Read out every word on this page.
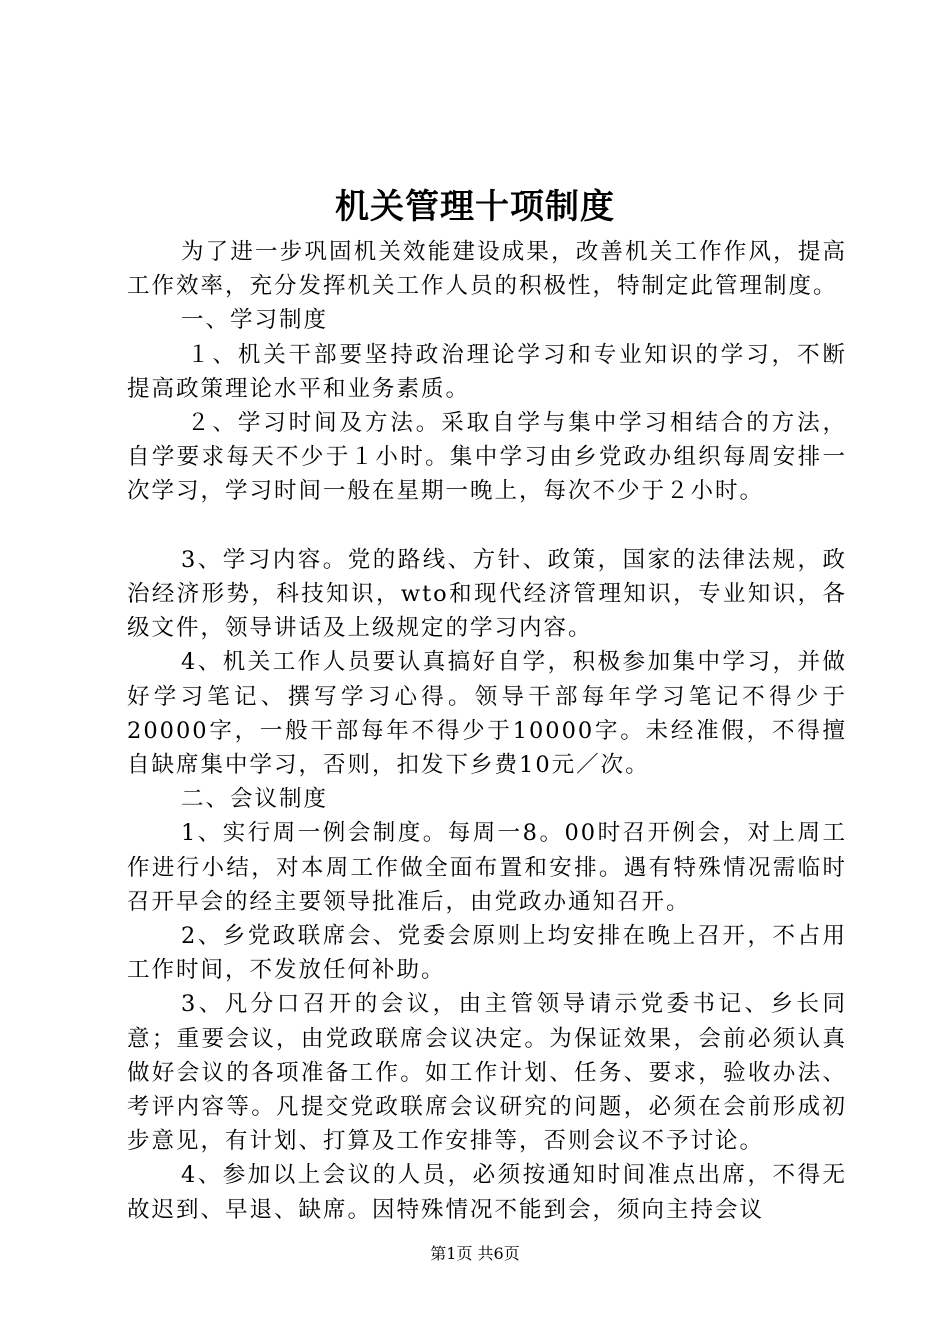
机关管理十项制度

为了进一步巩固机关效能建设成果，改善机关工作作风，提高工作效率，充分发挥机关工作人员的积极性，特制定此管理制度。

一、学习制度

１、机关干部要坚持政治理论学习和专业知识的学习，不断提高政策理论水平和业务素质。

２、学习时间及方法。采取自学与集中学习相结合的方法，自学要求每天不少于１小时。集中学习由乡党政办组织每周安排一次学习，学习时间一般在星期一晚上，每次不少于２小时。

3、学习内容。党的路线、方针、政策，国家的法律法规，政治经济形势，科技知识，wto和现代经济管理知识，专业知识，各级文件，领导讲话及上级规定的学习内容。

4、机关工作人员要认真搞好自学，积极参加集中学习，并做好学习笔记、撰写学习心得。领导干部每年学习笔记不得少于20000字，一般干部每年不得少于10000字。未经准假，不得擅自缺席集中学习，否则，扣发下乡费10元／次。

二、会议制度

1、实行周一例会制度。每周一8。00时召开例会，对上周工作进行小结，对本周工作做全面布置和安排。遇有特殊情况需临时召开早会的经主要领导批准后，由党政办通知召开。

2、乡党政联席会、党委会原则上均安排在晚上召开，不占用工作时间，不发放任何补助。

3、凡分口召开的会议，由主管领导请示党委书记、乡长同意；重要会议，由党政联席会议决定。为保证效果，会前必须认真做好会议的各项准备工作。如工作计划、任务、要求，验收办法、考评内容等。凡提交党政联席会议研究的问题，必须在会前形成初步意见，有计划、打算及工作安排等，否则会议不予讨论。

4、参加以上会议的人员，必须按通知时间准点出席，不得无故迟到、早退、缺席。因特殊情况不能到会，须向主持会议

第1页 共6页
